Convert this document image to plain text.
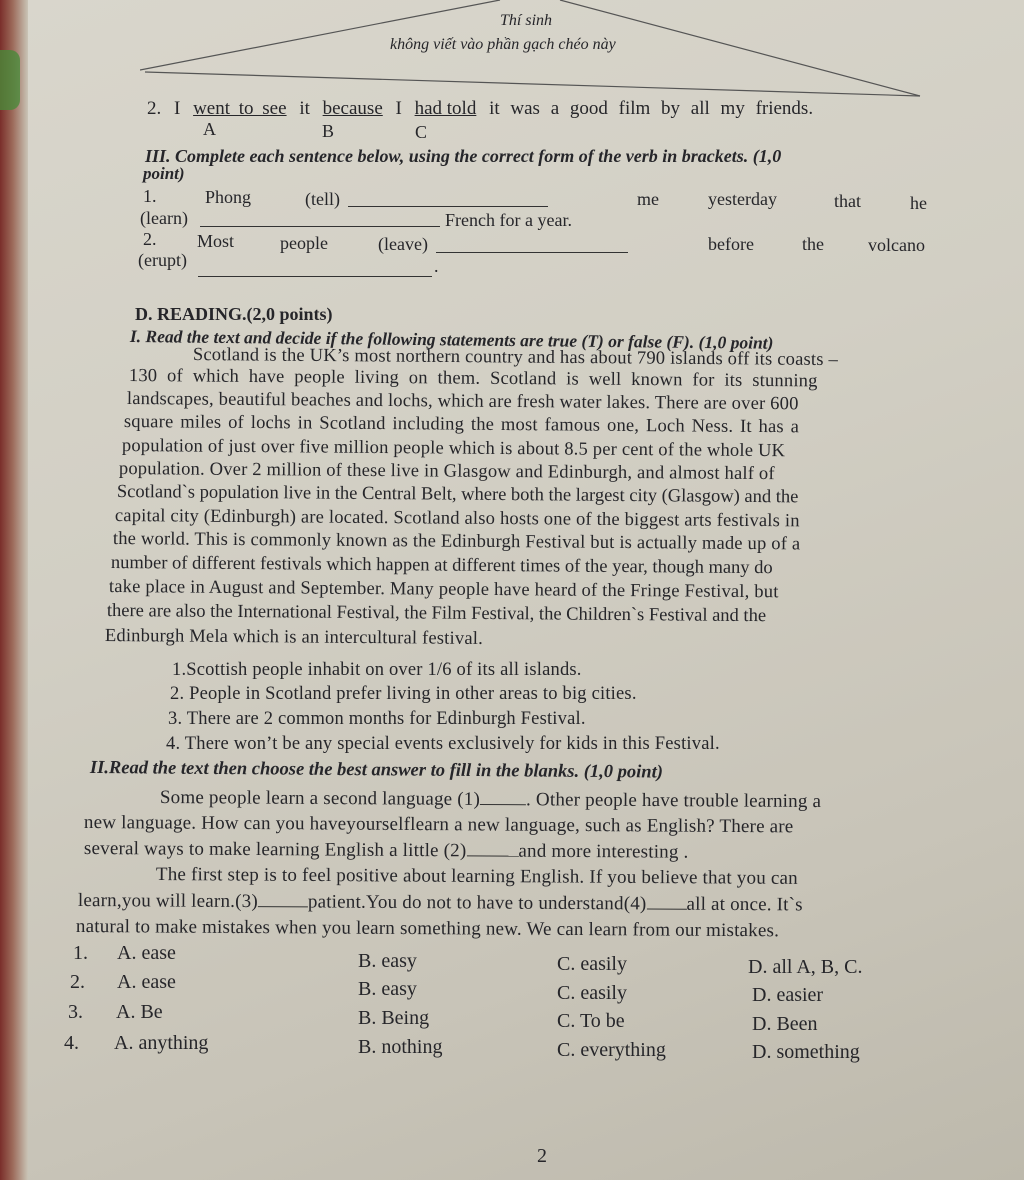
Thí sinh
không viết vào phần gạch chéo này
2. I went to see it because I had told it was a good film by all my friends.
A	B	C
III. Complete each sentence below, using the correct form of the verb in brackets. (1,0
point)
1.	Phong	(tell)	me	yesterday	that	he
(learn)	French for a year.
2. Most	people	(leave)	before	the volcano
(erupt)	.
D. READING.(2,0 points)
I. Read the text and decide if the following statements are true (T) or false (F). (1,0 point)
Scotland is the UK’s most northern country and has about 790 islands off its coasts –
130 of which have people living on them. Scotland is well known for its stunning
landscapes, beautiful beaches and lochs, which are fresh water lakes. There are over 600
square miles of lochs in Scotland including the most famous one, Loch Ness. It has a
population of just over five million people which is about 8.5 per cent of the whole UK
population. Over 2 million of these live in Glasgow and Edinburgh, and almost half of
Scotland`s population live in the Central Belt, where both the largest city (Glasgow) and the
capital city (Edinburgh) are located. Scotland also hosts one of the biggest arts festivals in
the world. This is commonly known as the Edinburgh Festival but is actually made up of a
number of different festivals which happen at different times of the year, though many do
take place in August and September. Many people have heard of the Fringe Festival, but
there are also the International Festival, the Film Festival, the Children`s Festival and the
Edinburgh Mela which is an intercultural festival.
1.Scottish people inhabit on over 1/6 of its all islands.
2. People in Scotland prefer living in other areas to big cities.
3. There are 2 common months for Edinburgh Festival.
4. There won’t be any special events exclusively for kids in this Festival.
II.Read the text then choose the best answer to fill in the blanks. (1,0 point)
Some people learn a second language (1) . Other people have trouble learning a
new language. How can you haveyourselflearn a new language, such as English? There are
several ways to make learning English a little (2)	and more interesting .
The first step is to feel positive about learning English. If you believe that you can
learn,you will learn.(3)	patient.You do not to have to understand(4) all at once. It`s
natural to make mistakes when you learn something new. We can learn from our mistakes.
1. A. ease	B. easy	C. easily	D. all A, B, C.
2. A. ease	B. easy	C. easily	D. easier
3. A. Be	B. Being	C. To be	D. Been
4. A. anything	B. nothing	C. everything	D. something
2
